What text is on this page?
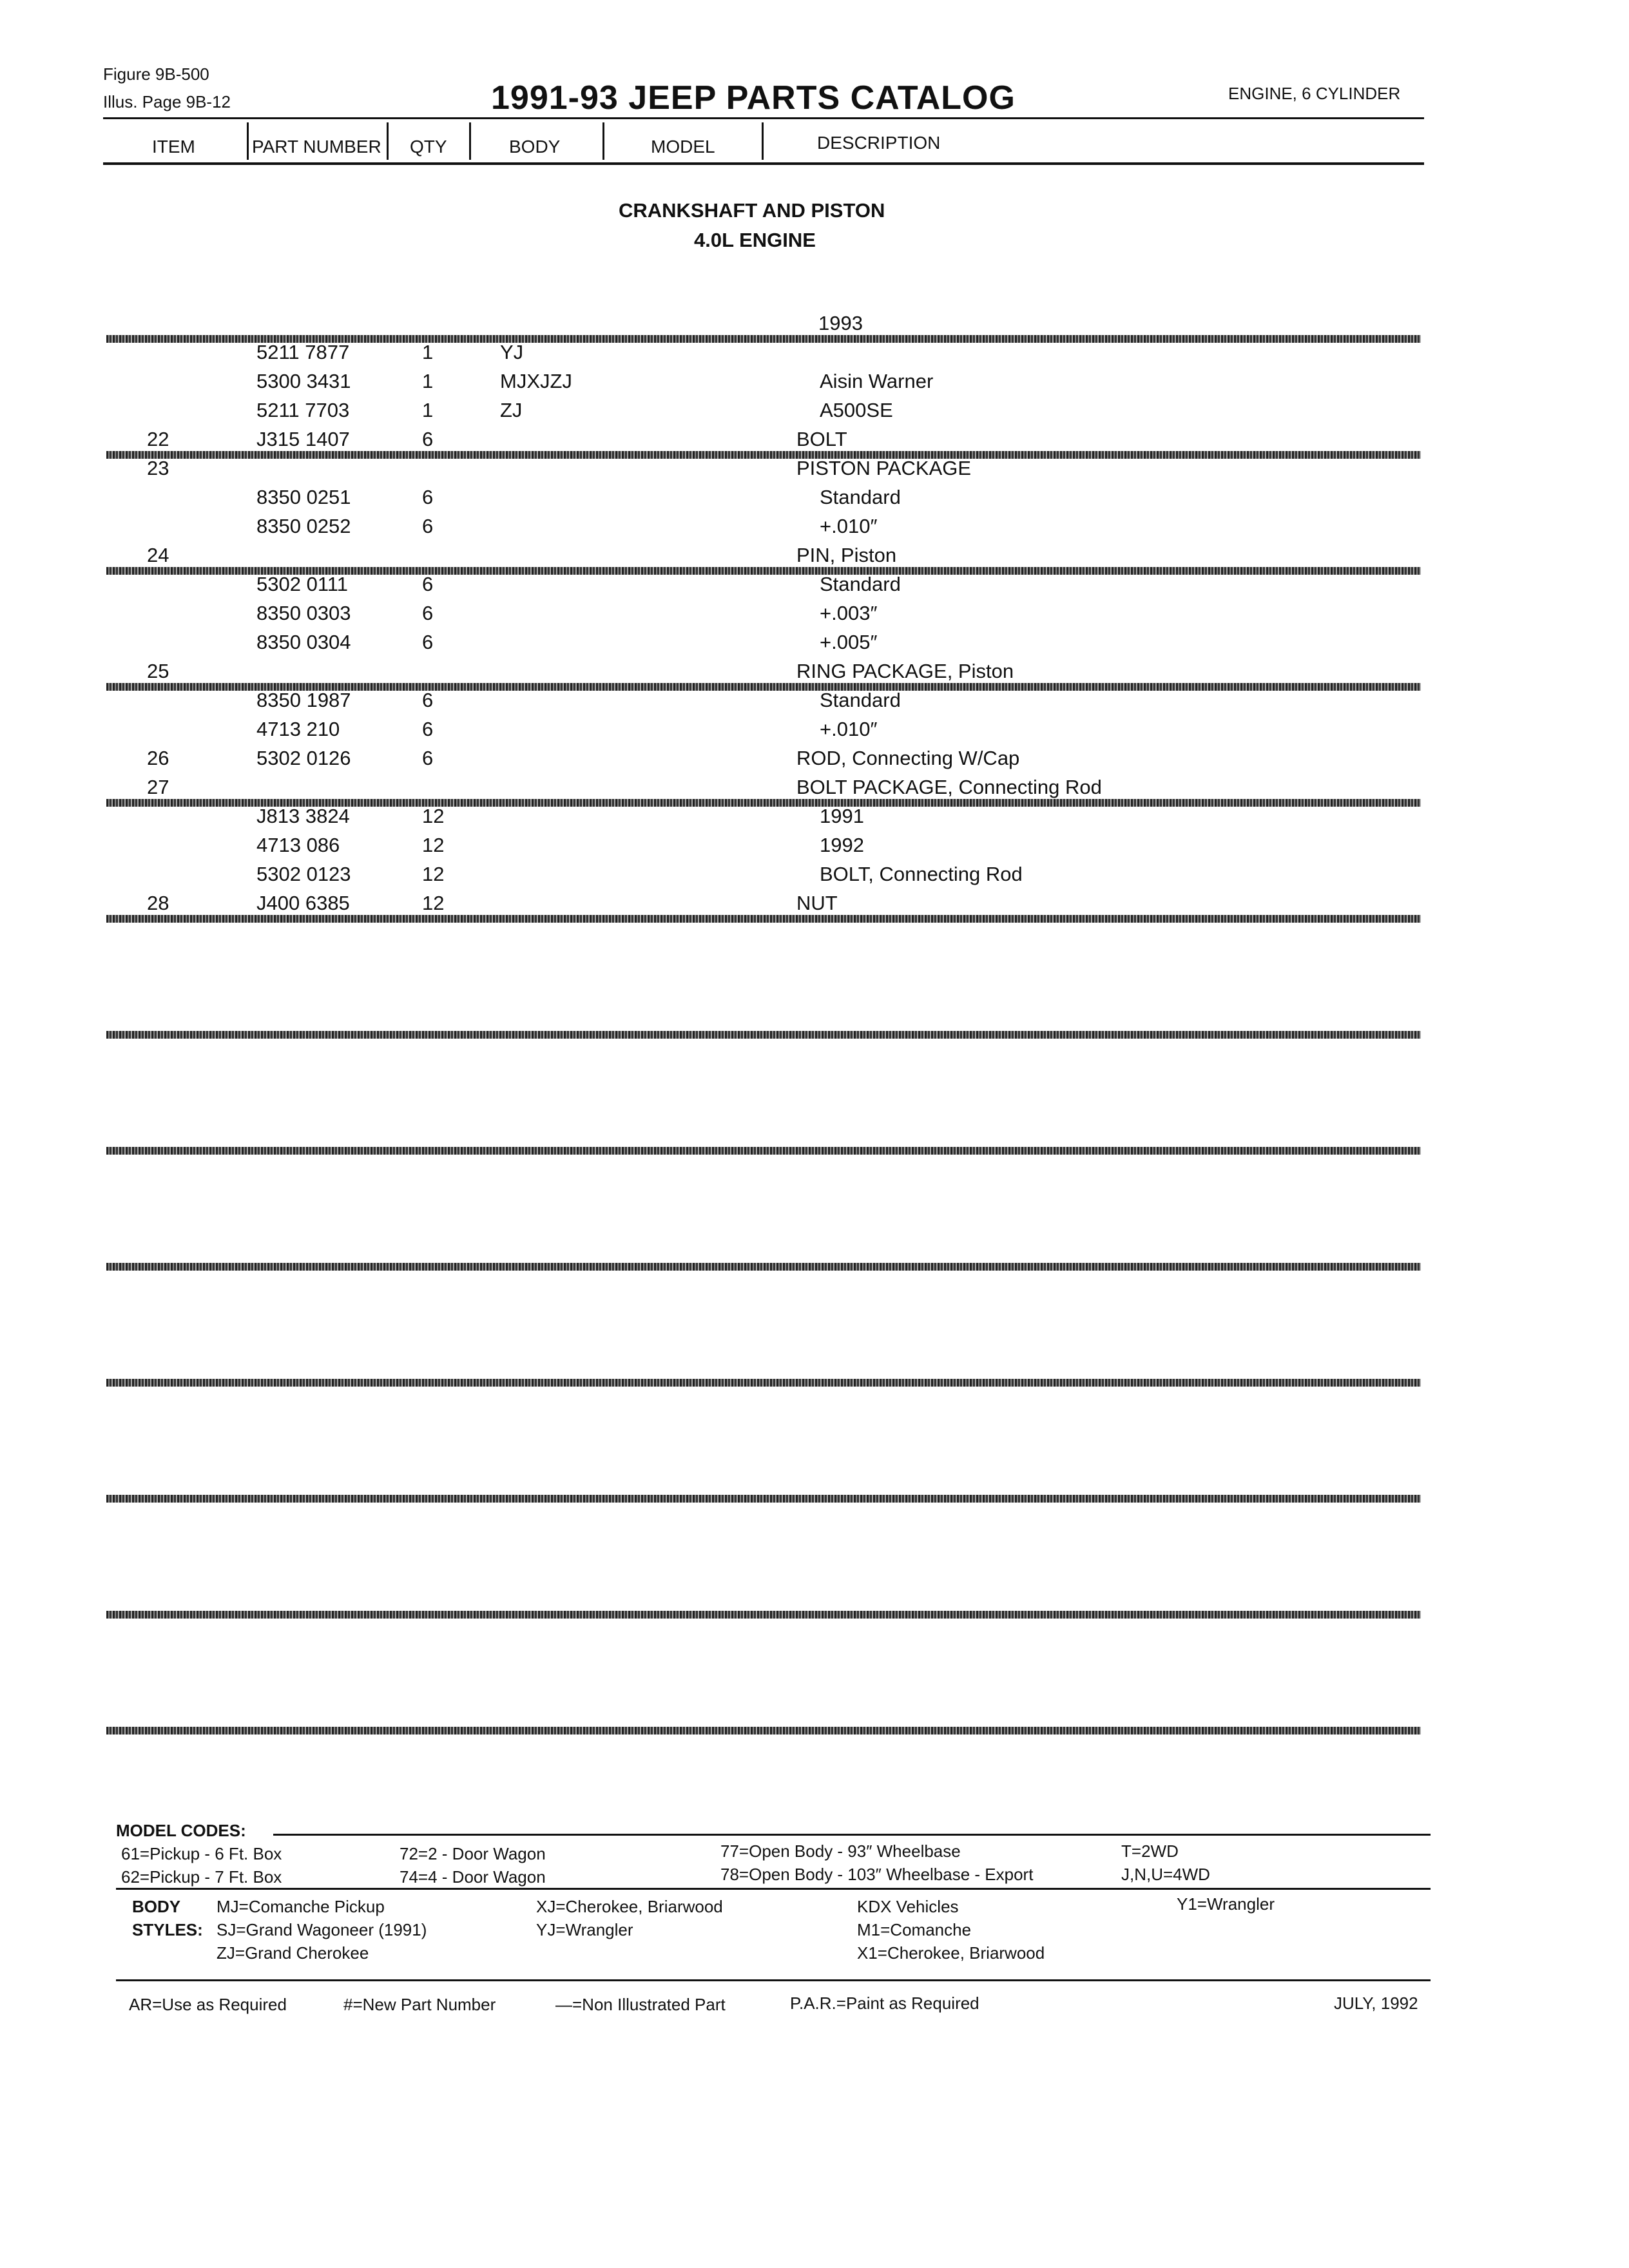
Figure 9B-500
Illus. Page 9B-12	1991-93 JEEP PARTS CATALOG	ENGINE, 6 CYLINDER
ITEM	PART NUMBER QTY	BODY	MODEL	DESCRIPTION
CRANKSHAFT AND PISTON
4.0L ENGINE
1993
5211 7877	1	YJ
5300 3431	1	MJXJZJ	Aisin Warner
5211 7703	1	ZJ	A500SE
22	J315 1407	6	BOLT
23	PISTON PACKAGE
8350 0251	6	Standard
8350 0252	6	+.010″
24	PIN, Piston
5302 0111	6	Standard
8350 0303	6	+.003″
8350 0304	6	+.005″
25	RING PACKAGE, Piston
8350 1987	6	Standard
4713 210	6	+.010″
26	5302 0126	6	ROD, Connecting W/Cap
27	BOLT PACKAGE, Connecting Rod
J813 3824	12	1991
4713 086	12	1992
5302 0123	12	BOLT, Connecting Rod
28	J400 6385	12	NUT
MODEL CODES:
61=Pickup - 6 Ft. Box
62=Pickup - 7 Ft. Box
72=2 - Door Wagon
74=4 - Door Wagon
77=Open Body - 93″ Wheelbase
78=Open Body - 103″ Wheelbase - Export
T=2WD
J,N,U=4WD
BODY
STYLES:
MJ=Comanche Pickup
SJ=Grand Wagoneer (1991)
ZJ=Grand Cherokee
XJ=Cherokee, Briarwood
YJ=Wrangler
KDX Vehicles
M1=Comanche
X1=Cherokee, Briarwood
Y1=Wrangler
AR=Use as Required	#=New Part Number	—=Non Illustrated Part	P.A.R.=Paint as Required	JULY, 1992
